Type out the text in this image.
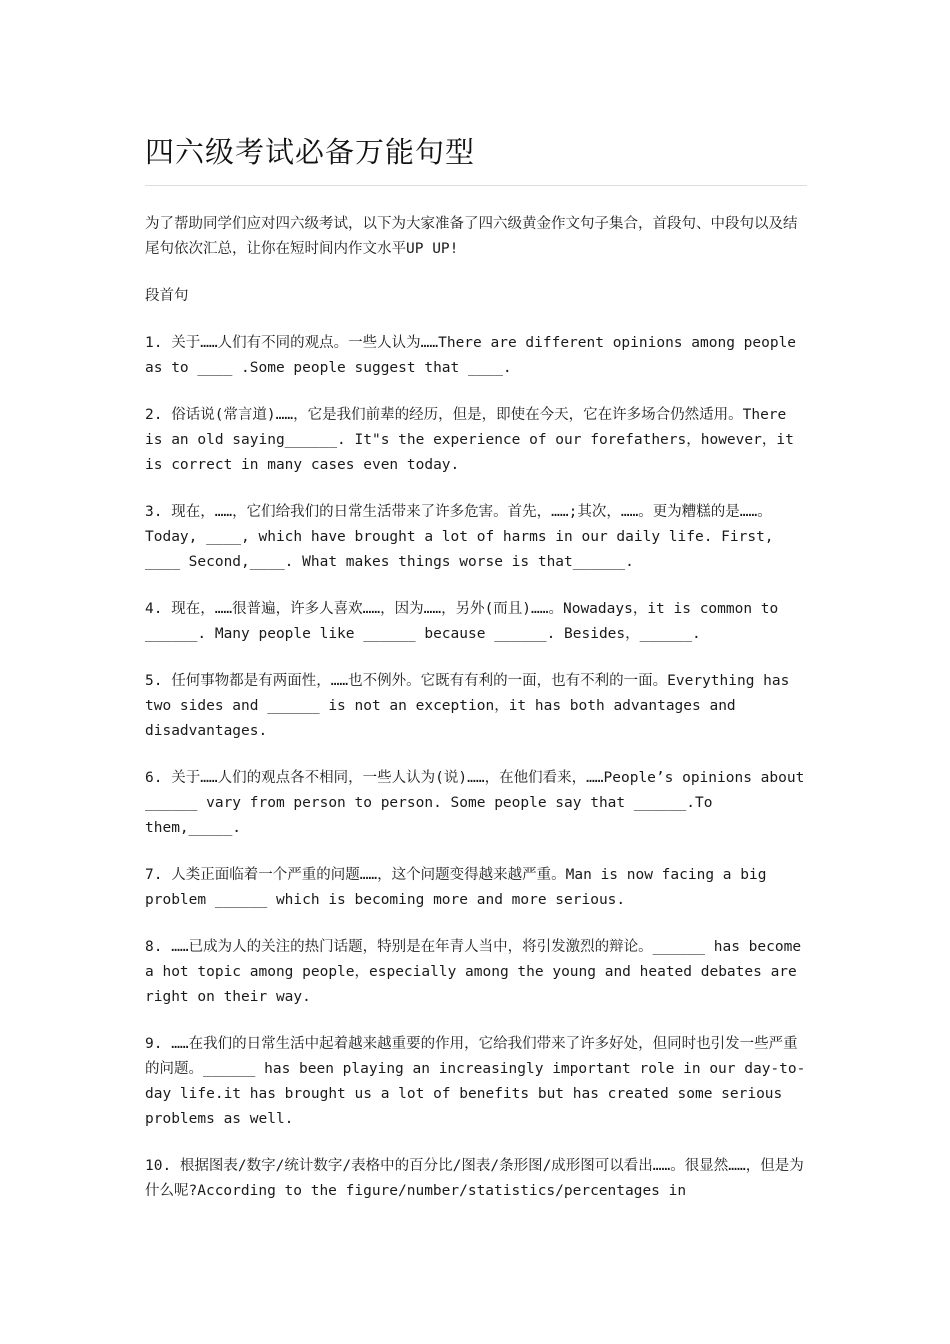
四六级考试必备万能句型

为了帮助同学们应对四六级考试，以下为大家准备了四六级黄金作文句子集合，首段句、中段句以及结尾句依次汇总，让你在短时间内作文水平UP UP!

段首句

1. 关于……人们有不同的观点。一些人认为……There are different opinions among people as to ____ .Some people suggest that ____.

2. 俗话说(常言道)……，它是我们前辈的经历，但是，即使在今天，它在许多场合仍然适用。There is an old saying______. It"s the experience of our forefathers，however，it is correct in many cases even today.

3. 现在，……，它们给我们的日常生活带来了许多危害。首先，……;其次，……。更为糟糕的是……。Today, ____, which have brought a lot of harms in our daily life. First, ____ Second,____. What makes things worse is that______.

4. 现在，……很普遍，许多人喜欢……，因为……，另外(而且)……。Nowadays，it is common to ______. Many people like ______ because ______. Besides，______.

5. 任何事物都是有两面性，……也不例外。它既有有利的一面，也有不利的一面。Everything has two sides and ______ is not an exception，it has both advantages and disadvantages.

6. 关于……人们的观点各不相同，一些人认为(说)……，在他们看来，……People’s opinions about ______ vary from person to person. Some people say that ______.To them,_____.

7. 人类正面临着一个严重的问题……，这个问题变得越来越严重。Man is now facing a big problem ______ which is becoming more and more serious.

8. ……已成为人的关注的热门话题，特别是在年青人当中，将引发激烈的辩论。______ has become a hot topic among people，especially among the young and heated debates are right on their way.

9. ……在我们的日常生活中起着越来越重要的作用，它给我们带来了许多好处，但同时也引发一些严重的问题。______ has been playing an increasingly important role in our day-to-day life.it has brought us a lot of benefits but has created some serious problems as well.

10. 根据图表/数字/统计数字/表格中的百分比/图表/条形图/成形图可以看出……。很显然……，但是为什么呢?According to the figure/number/statistics/percentages in
